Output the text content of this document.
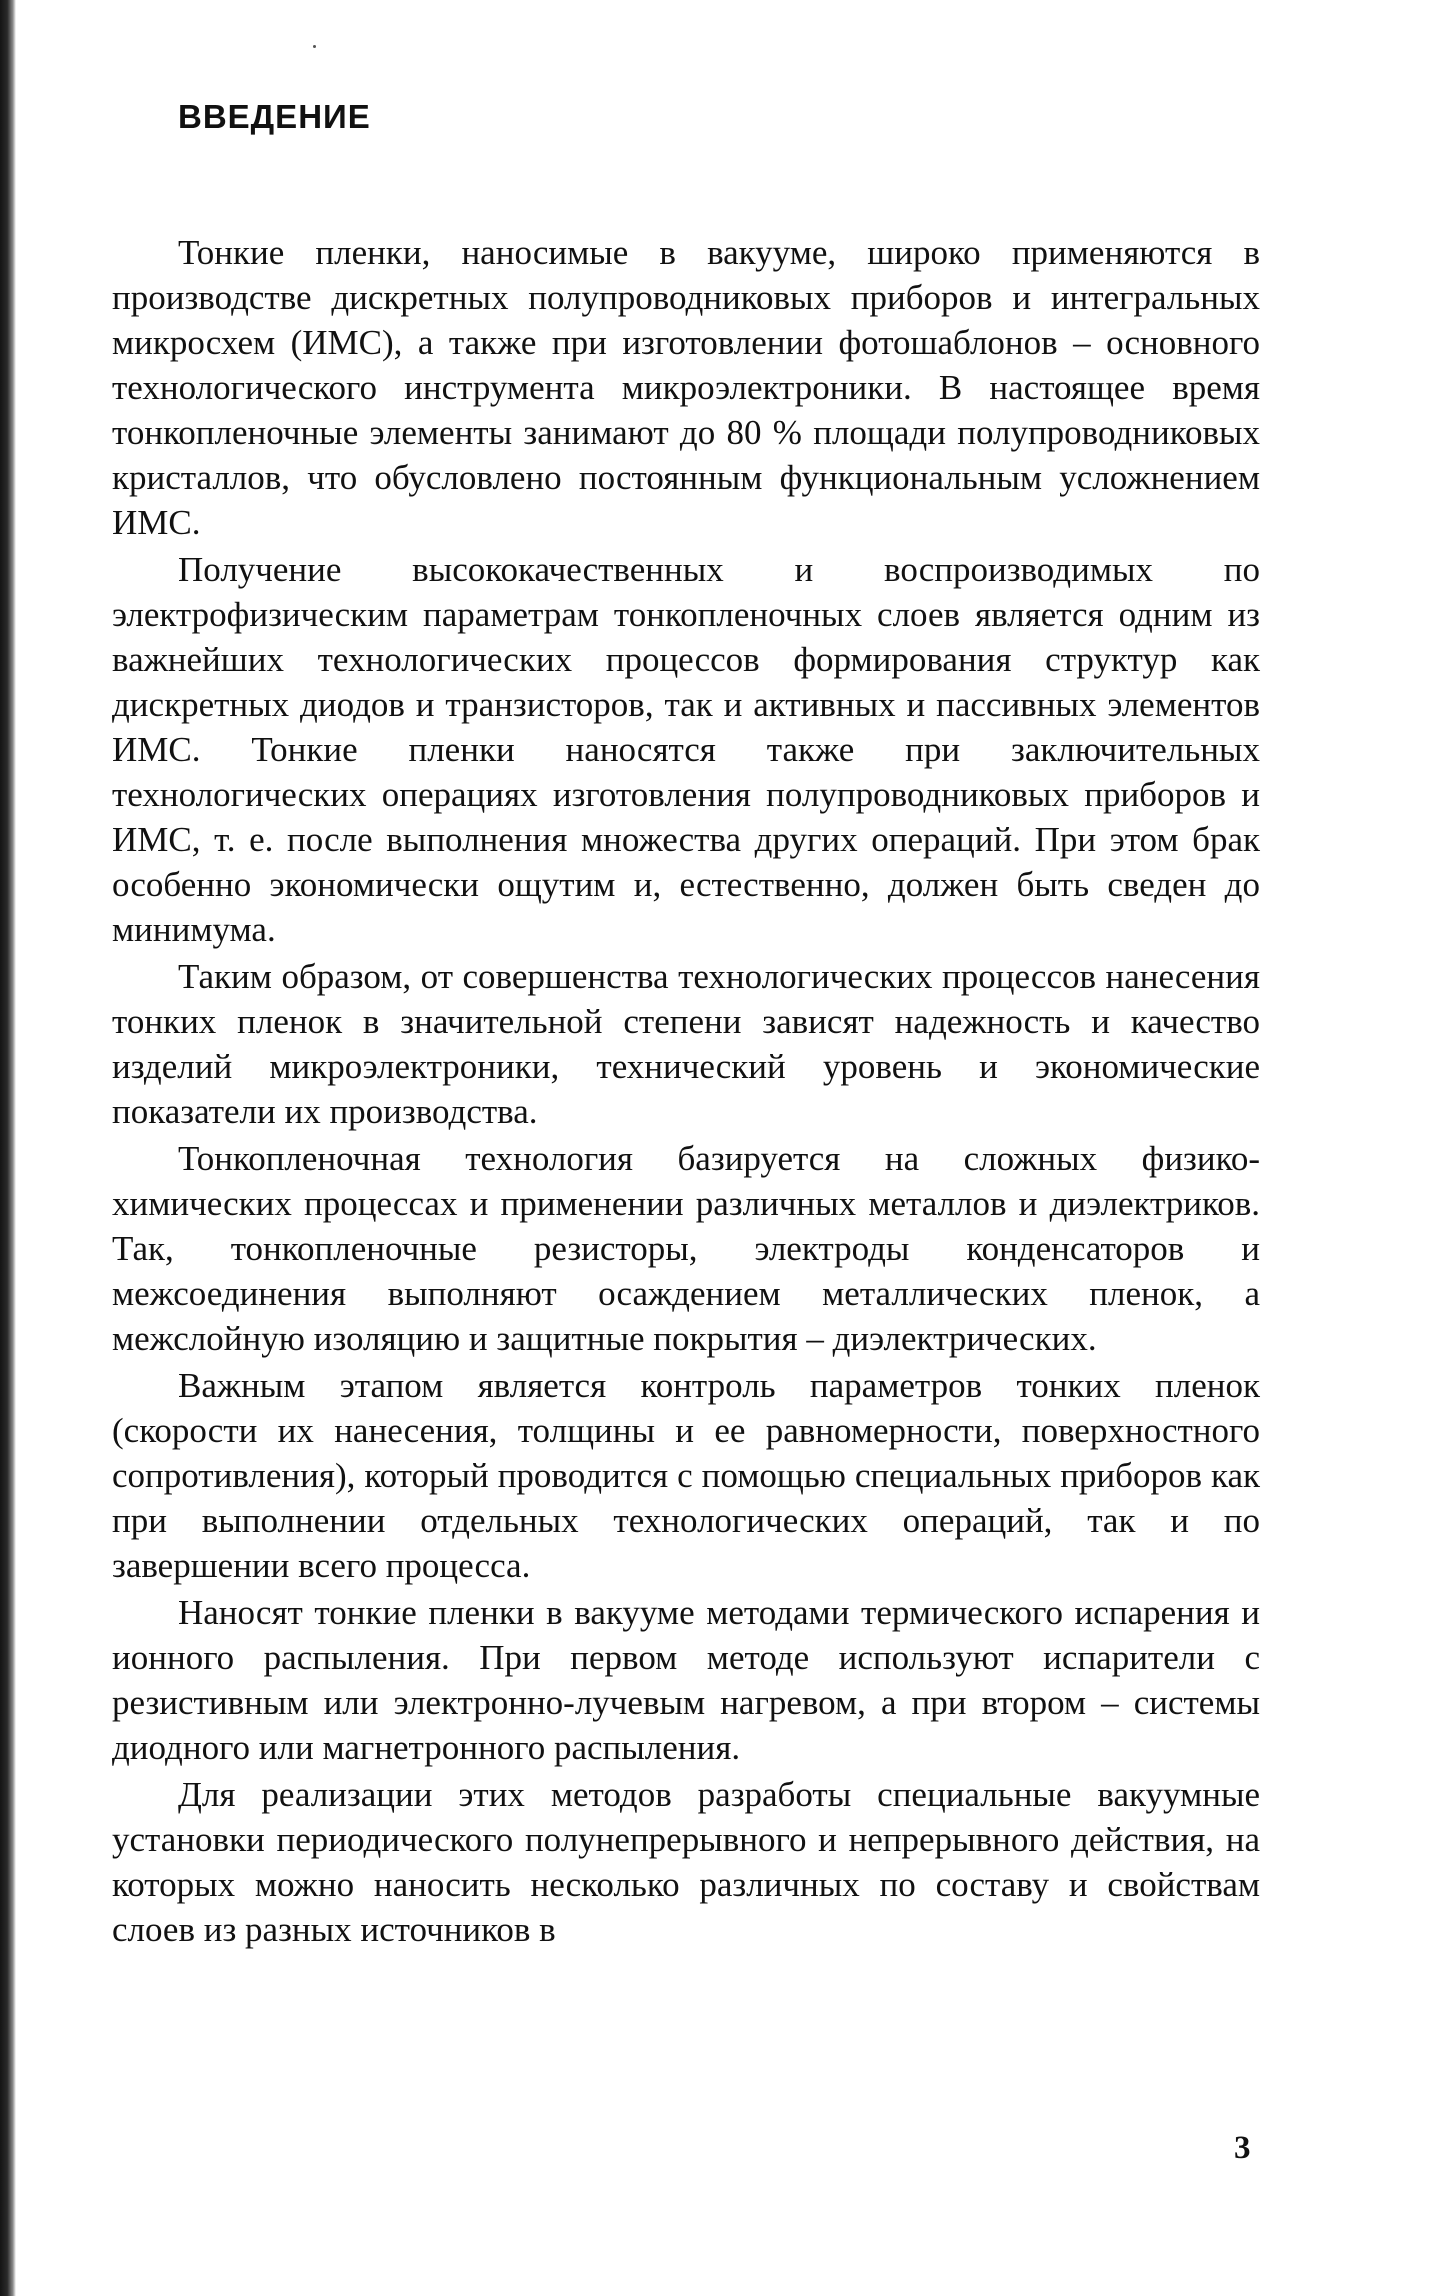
ВВЕДЕНИЕ

Тонкие пленки, наносимые в вакууме, широко применяются в производстве дискретных полупроводниковых приборов и интегральных микросхем (ИМС), а также при изготовлении фотошаблонов – основного технологического инструмента микроэлектроники. В настоящее время тонкопленочные элементы занимают до 80 % площади полупроводниковых кристаллов, что обусловлено постоянным функциональным усложнением ИМС.

Получение высококачественных и воспроизводимых по электрофизическим параметрам тонкопленочных слоев является одним из важнейших технологических процессов формирования структур как дискретных диодов и транзисторов, так и активных и пассивных элементов ИМС. Тонкие пленки наносятся также при заключительных технологических операциях изготовления полупроводниковых приборов и ИМС, т. е. после выполнения множества других операций. При этом брак особенно экономически ощутим и, естественно, должен быть сведен до минимума.

Таким образом, от совершенства технологических процессов нанесения тонких пленок в значительной степени зависят надежность и качество изделий микроэлектроники, технический уровень и экономические показатели их производства.

Тонкопленочная технология базируется на сложных физико-химических процессах и применении различных металлов и диэлектриков. Так, тонкопленочные резисторы, электроды конденсаторов и межсоединения выполняют осаждением металлических пленок, а межслойную изоляцию и защитные покрытия – диэлектрических.

Важным этапом является контроль параметров тонких пленок (скорости их нанесения, толщины и ее равномерности, поверхностного сопротивления), который проводится с помощью специальных приборов как при выполнении отдельных технологических операций, так и по завершении всего процесса.

Наносят тонкие пленки в вакууме методами термического испарения и ионного распыления. При первом методе используют испарители с резистивным или электронно-лучевым нагревом, а при втором – системы диодного или магнетронного распыления.

Для реализации этих методов разработы специальные вакуумные установки периодического полунепрерывного и непрерывного действия, на которых можно наносить несколько различных по составу и свойствам слоев из разных источников в

3
